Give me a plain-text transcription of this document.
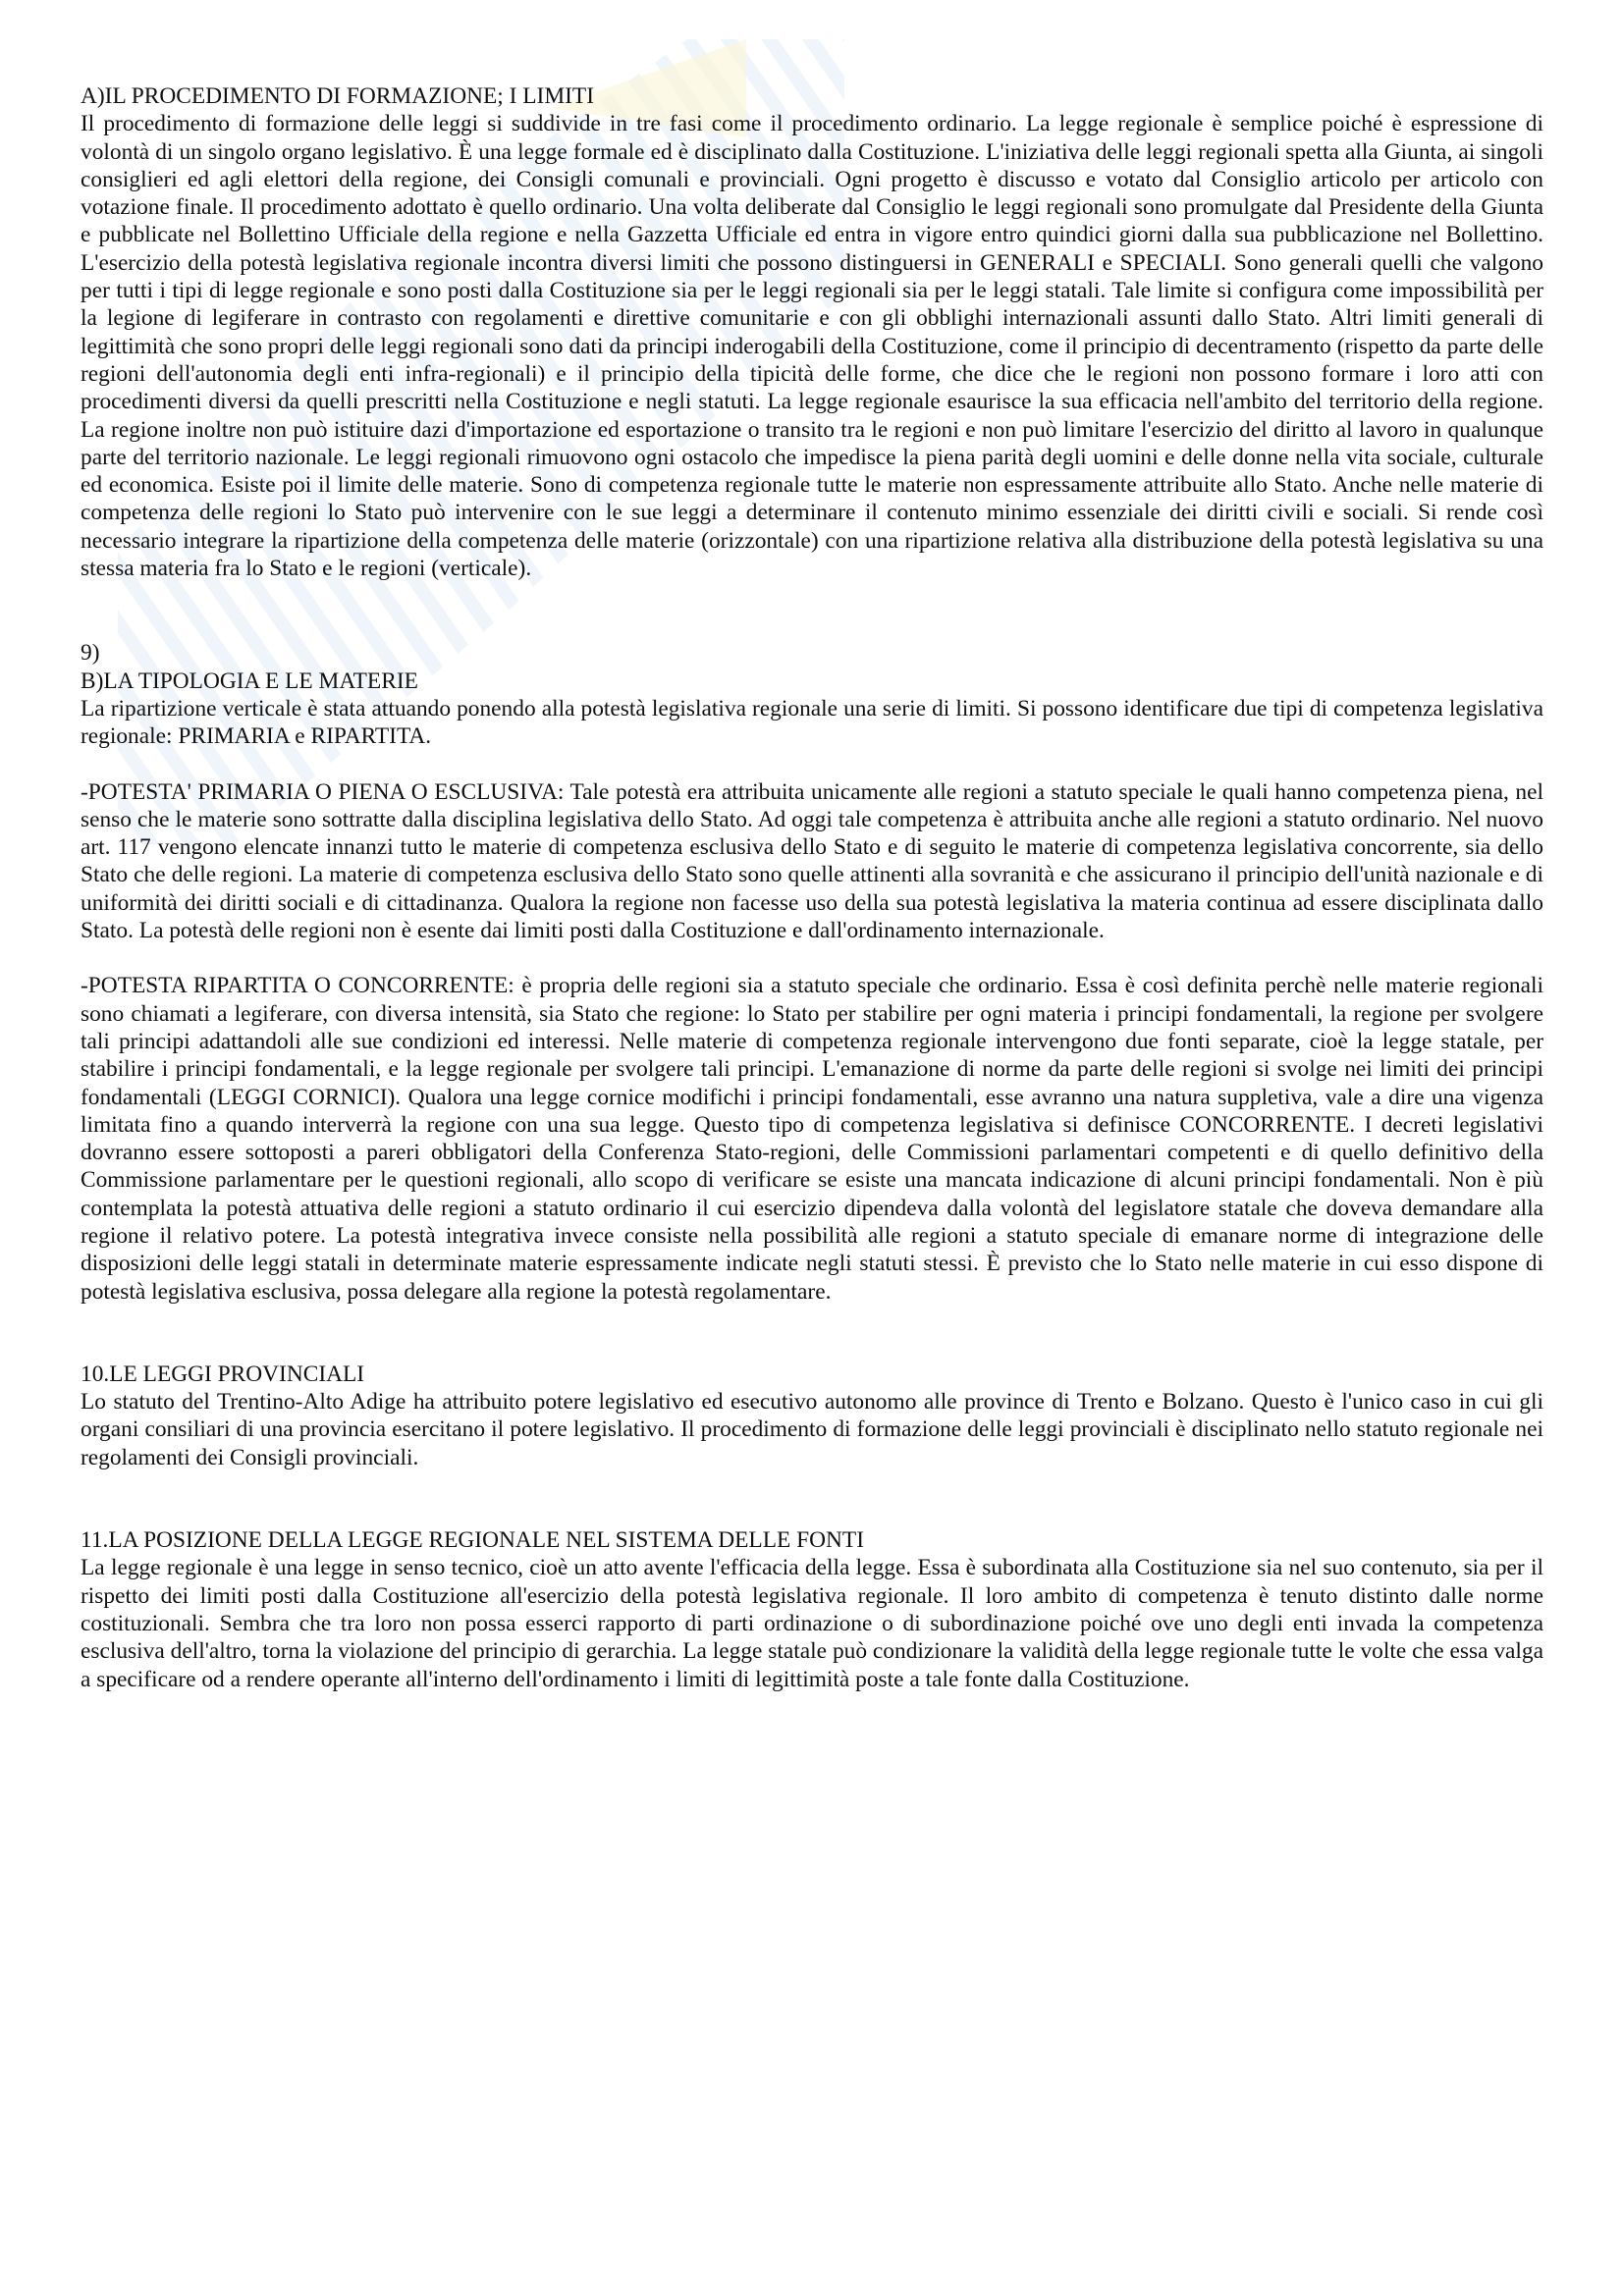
A)IL PROCEDIMENTO DI FORMAZIONE; I LIMITI

Il procedimento di formazione delle leggi si suddivide in tre fasi come il procedimento ordinario. La legge regionale è semplice poiché è espressione di volontà di un singolo organo legislativo. È una legge formale ed è disciplinato dalla Costituzione. L'iniziativa delle leggi regionali spetta alla Giunta, ai singoli consiglieri ed agli elettori della regione, dei Consigli comunali e provinciali. Ogni progetto è discusso e votato dal Consiglio articolo per articolo con votazione finale. Il procedimento adottato è quello ordinario. Una volta deliberate dal Consiglio le leggi regionali sono promulgate dal Presidente della Giunta e pubblicate nel Bollettino Ufficiale della regione e nella Gazzetta Ufficiale ed entra in vigore entro quindici giorni dalla sua pubblicazione nel Bollettino. L'esercizio della potestà legislativa regionale incontra diversi limiti che possono distinguersi in GENERALI e SPECIALI. Sono generali quelli che valgono per tutti i tipi di legge regionale e sono posti dalla Costituzione sia per le leggi regionali sia per le leggi statali. Tale limite si configura come impossibilità per la legione di legiferare in contrasto con regolamenti e direttive comunitarie e con gli obblighi internazionali assunti dallo Stato. Altri limiti generali di legittimità che sono propri delle leggi regionali sono dati da principi inderogabili della Costituzione, come il principio di decentramento (rispetto da parte delle regioni dell'autonomia degli enti infra-regionali) e il principio della tipicità delle forme, che dice che le regioni non possono formare i loro atti con procedimenti diversi da quelli prescritti nella Costituzione e negli statuti. La legge regionale esaurisce la sua efficacia nell'ambito del territorio della regione. La regione inoltre non può istituire dazi d'importazione ed esportazione o transito tra le regioni e non può limitare l'esercizio del diritto al lavoro in qualunque parte del territorio nazionale. Le leggi regionali rimuovono ogni ostacolo che impedisce la piena parità degli uomini e delle donne nella vita sociale, culturale ed economica. Esiste poi il limite delle materie. Sono di competenza regionale tutte le materie non espressamente attribuite allo Stato. Anche nelle materie di competenza delle regioni lo Stato può intervenire con le sue leggi a determinare il contenuto minimo essenziale dei diritti civili e sociali. Si rende così necessario integrare la ripartizione della competenza delle materie (orizzontale) con una ripartizione relativa alla distribuzione della potestà legislativa su una stessa materia fra lo Stato e le regioni (verticale).

9)

B)LA TIPOLOGIA E LE MATERIE

La ripartizione verticale è stata attuando ponendo alla potestà legislativa regionale una serie di limiti. Si possono identificare due tipi di competenza legislativa regionale: PRIMARIA e RIPARTITA.

-POTESTA' PRIMARIA O PIENA O ESCLUSIVA: Tale potestà era attribuita unicamente alle regioni a statuto speciale le quali hanno competenza piena, nel senso che le materie sono sottratte dalla disciplina legislativa dello Stato. Ad oggi tale competenza è attribuita anche alle regioni a statuto ordinario. Nel nuovo art. 117 vengono elencate innanzi tutto le materie di competenza esclusiva dello Stato e di seguito le materie di competenza legislativa concorrente, sia dello Stato che delle regioni. La materie di competenza esclusiva dello Stato sono quelle attinenti alla sovranità e che assicurano il principio dell'unità nazionale e di uniformità dei diritti sociali e di cittadinanza. Qualora la regione non facesse uso della sua potestà legislativa la materia continua ad essere disciplinata dallo Stato. La potestà delle regioni non è esente dai limiti posti dalla Costituzione e dall'ordinamento internazionale.

-POTESTA RIPARTITA O CONCORRENTE: è propria delle regioni sia a statuto speciale che ordinario. Essa è così definita perchè nelle materie regionali sono chiamati a legiferare, con diversa intensità, sia Stato che regione: lo Stato per stabilire per ogni materia i principi fondamentali, la regione per svolgere tali principi adattandoli alle sue condizioni ed interessi. Nelle materie di competenza regionale intervengono due fonti separate, cioè la legge statale, per stabilire i principi fondamentali, e la legge regionale per svolgere tali principi. L'emanazione di norme da parte delle regioni si svolge nei limiti dei principi fondamentali (LEGGI CORNICI). Qualora una legge cornice modifichi i principi fondamentali, esse avranno una natura suppletiva, vale a dire una vigenza limitata fino a quando interverrà la regione con una sua legge. Questo tipo di competenza legislativa si definisce CONCORRENTE. I decreti legislativi dovranno essere sottoposti a pareri obbligatori della Conferenza Stato-regioni, delle Commissioni parlamentari competenti e di quello definitivo della Commissione parlamentare per le questioni regionali, allo scopo di verificare se esiste una mancata indicazione di alcuni principi fondamentali. Non è più contemplata la potestà attuativa delle regioni a statuto ordinario il cui esercizio dipendeva dalla volontà del legislatore statale che doveva demandare alla regione il relativo potere. La potestà integrativa invece consiste nella possibilità alle regioni a statuto speciale di emanare norme di integrazione delle disposizioni delle leggi statali in determinate materie espressamente indicate negli statuti stessi. È previsto che lo Stato nelle materie in cui esso dispone di potestà legislativa esclusiva, possa delegare alla regione la potestà regolamentare.

10.LE LEGGI PROVINCIALI

Lo statuto del Trentino-Alto Adige ha attribuito potere legislativo ed esecutivo autonomo alle province di Trento e Bolzano. Questo è l'unico caso in cui gli organi consiliari di una provincia esercitano il potere legislativo. Il procedimento di formazione delle leggi provinciali è disciplinato nello statuto regionale nei regolamenti dei Consigli provinciali.

11.LA POSIZIONE DELLA LEGGE REGIONALE NEL SISTEMA DELLE FONTI

La legge regionale è una legge in senso tecnico, cioè un atto avente l'efficacia della legge. Essa è subordinata alla Costituzione sia nel suo contenuto, sia per il rispetto dei limiti posti dalla Costituzione all'esercizio della potestà legislativa regionale. Il loro ambito di competenza è tenuto distinto dalle norme costituzionali. Sembra che tra loro non possa esserci rapporto di parti ordinazione o di subordinazione poiché ove uno degli enti invada la competenza esclusiva dell'altro, torna la violazione del principio di gerarchia. La legge statale può condizionare la validità della legge regionale tutte le volte che essa valga a specificare od a rendere operante all'interno dell'ordinamento i limiti di legittimità poste a tale fonte dalla Costituzione.
